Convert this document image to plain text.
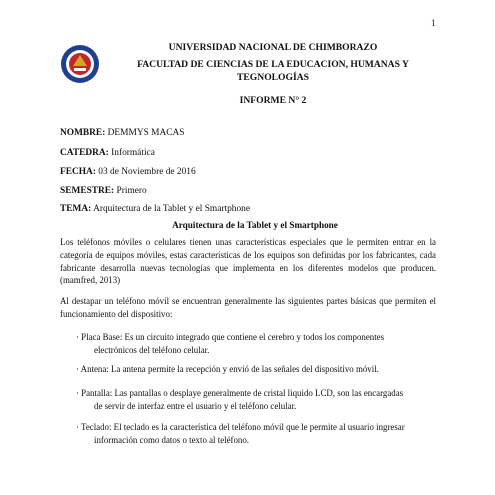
1
UNIVERSIDAD NACIONAL DE CHIMBORAZO
FACULTAD DE CIENCIAS DE LA EDUCACION, HUMANAS Y
TEGNOLOGÍAS
INFORME N° 2
NOMBRE: DEMMYS MACAS
CATEDRA: Informática
FECHA: 03 de Noviembre de 2016
SEMESTRE: Primero
TEMA: Arquitectura de la Tablet y el Smartphone
Arquitectura de la Tablet y el Smartphone
Los teléfonos móviles o celulares tienen unas características especiales que le permiten entrar en la categoría de equipos móviles, estas características de los equipos son definidas por los fabricantes, cada fabricante desarrolla nuevas tecnologías que implementa en los diferentes modelos que producen. (mamfred, 2013)
Al destapar un teléfono móvil se encuentran generalmente las siguientes partes básicas que permiten el funcionamiento del dispositivo:
· Placa Base: Es un circuito integrado que contiene el cerebro y todos los componentes
electrónicos del teléfono celular.
· Antena: La antena permite la recepción y envió de las señales del dispositivo móvil.
· Pantalla: Las pantallas o desplaye generalmente de cristal liquido LCD, son las encargadas
de servir de interfaz entre el usuario y el teléfono celular.
· Teclado: El teclado es la característica del teléfono móvil que le permite al usuario ingresar
información como datos o texto al teléfono.
